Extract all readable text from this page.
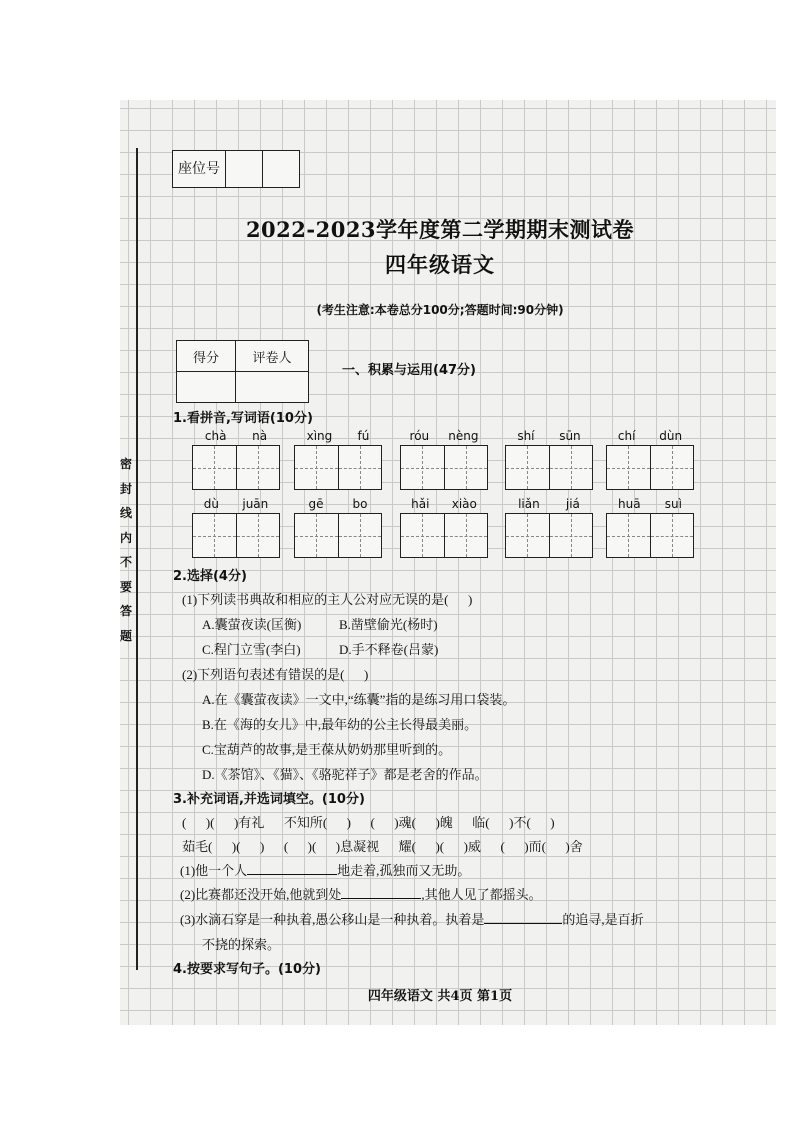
密
封
线
内
不
要
答
题
座位号
2022-2023学年度第二学期期末测试卷
四年级语文
(考生注意:本卷总分100分;答题时间:90分钟)
得分	评卷人

一、积累与运用(47分)
1.看拼音,写词语(10分)
chà nà	xìng fú	róu nèng	shí sūn	chí dùn
dù juān	gē bo	hǎi xiào	liǎn jiá	huā suì
2.选择(4分)
(1)下列读书典故和相应的主人公对应无误的是(      )
A.囊萤夜读(匡衡)	B.凿壁偷光(杨时)
C.程门立雪(李白)	D.手不释卷(吕蒙)
(2)下列语句表述有错误的是(      )
A.在《囊萤夜读》一文中,“练囊”指的是练习用口袋装。
B.在《海的女儿》中,最年幼的公主长得最美丽。
C.宝葫芦的故事,是王葆从奶奶那里听到的。
D.《茶馆》、《猫》、《骆驼祥子》都是老舍的作品。
3.补充词语,并选词填空。(10分)
(      )(      )有礼      不知所(      )      (      )魂(      )魄      临(      )不(      )
茹毛(      )(      )      (      )(      )息凝视      耀(      )(      )威      (      )而(      )舍
(1)他一个人	地走着,孤独而又无助。
(2)比赛都还没开始,他就到处	,其他人见了都摇头。
(3)水滴石穿是一种执着,愚公移山是一种执着。执着是	的追寻,是百折
不挠的探索。
4.按要求写句子。(10分)
四年级语文 共4页 第1页
